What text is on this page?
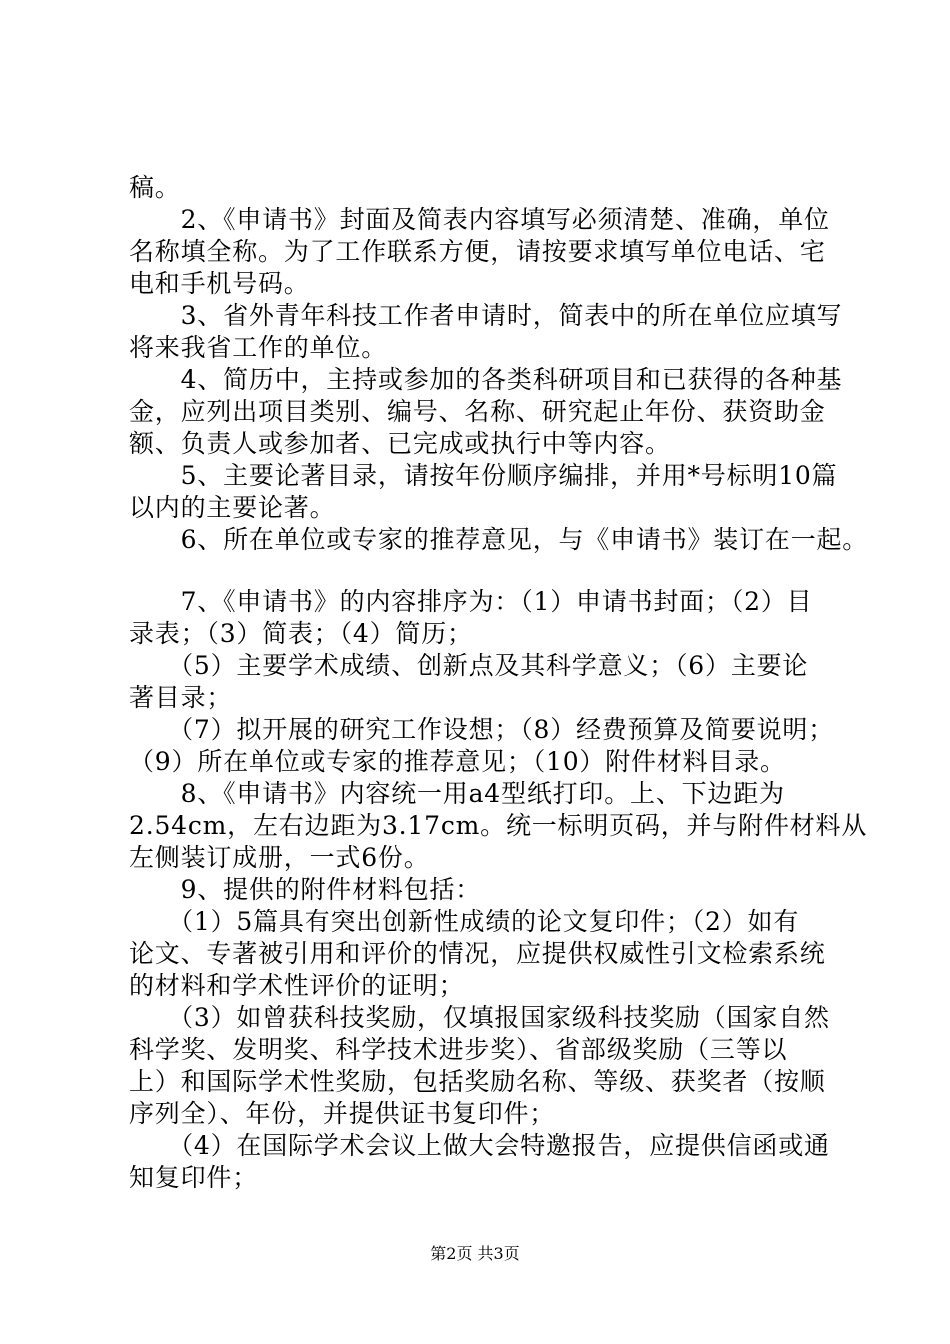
稿。
　　2、《申请书》封面及简表内容填写必须清楚、准确，单位
名称填全称。为了工作联系方便，请按要求填写单位电话、宅
电和手机号码。
　　3、省外青年科技工作者申请时，简表中的所在单位应填写
将来我省工作的单位。
　　4、简历中，主持或参加的各类科研项目和已获得的各种基
金，应列出项目类别、编号、名称、研究起止年份、获资助金
额、负责人或参加者、已完成或执行中等内容。
　　5、主要论著目录，请按年份顺序编排，并用*号标明10篇
以内的主要论著。
　　6、所在单位或专家的推荐意见，与《申请书》装订在一起。
　　7、《申请书》的内容排序为：（1）申请书封面；（2）目
录表；（3）简表；（4）简历；
　　（5）主要学术成绩、创新点及其科学意义；（6）主要论
著目录；
　　（7）拟开展的研究工作设想；（8）经费预算及简要说明；
（9）所在单位或专家的推荐意见；（10）附件材料目录。
　　8、《申请书》内容统一用a4型纸打印。上、下边距为
2.54cm，左右边距为3.17cm。统一标明页码，并与附件材料从
左侧装订成册，一式6份。
　　9、提供的附件材料包括：
　　（1）5篇具有突出创新性成绩的论文复印件；（2）如有
论文、专著被引用和评价的情况，应提供权威性引文检索系统
的材料和学术性评价的证明；
　　（3）如曾获科技奖励，仅填报国家级科技奖励（国家自然
科学奖、发明奖、科学技术进步奖）、省部级奖励（三等以
上）和国际学术性奖励，包括奖励名称、等级、获奖者（按顺
序列全）、年份，并提供证书复印件；
　　（4）在国际学术会议上做大会特邀报告，应提供信函或通
知复印件；
第2页 共3页
